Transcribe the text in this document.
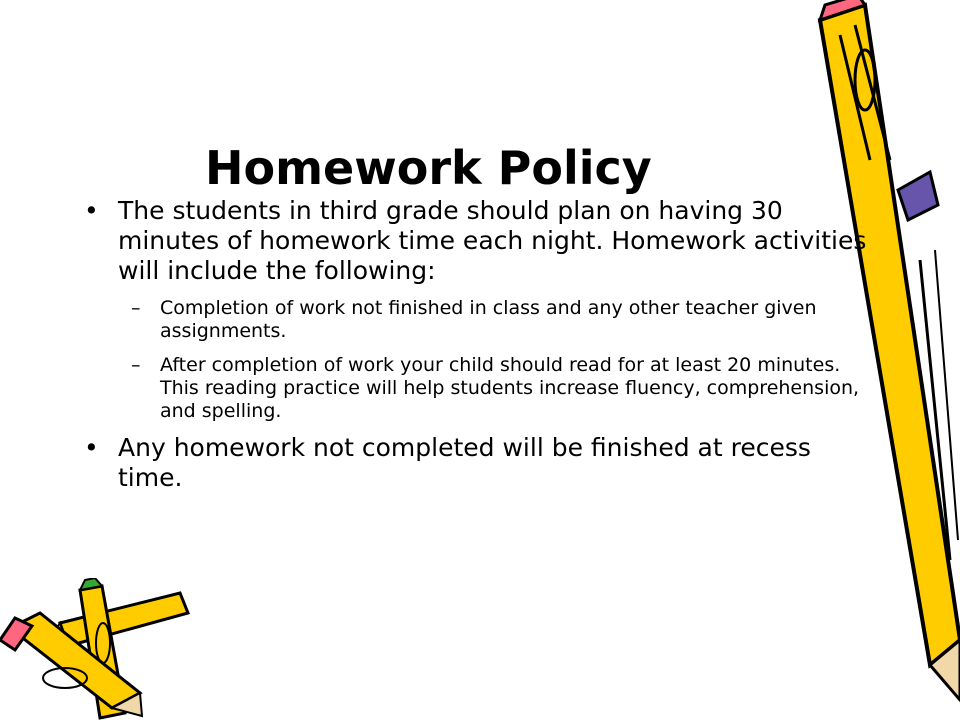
Homework Policy
• The students in third grade should plan on having 30 minutes of homework time each night. Homework activities will include the following:
– Completion of work not finished in class and any other teacher given assignments.
– After completion of work your child should read for at least 20 minutes. This reading practice will help students increase fluency, comprehension, and spelling.
• Any homework not completed will be finished at recess time.
